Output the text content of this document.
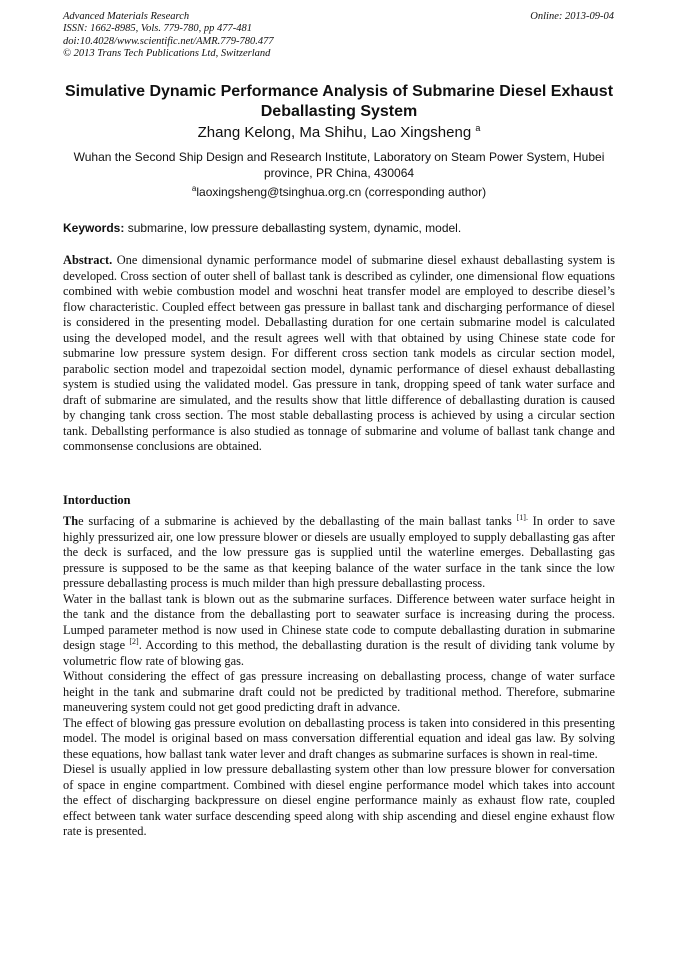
Advanced Materials Research
ISSN: 1662-8985, Vols. 779-780, pp 477-481
doi:10.4028/www.scientific.net/AMR.779-780.477
© 2013 Trans Tech Publications Ltd, Switzerland
Online: 2013-09-04
Simulative Dynamic Performance Analysis of Submarine Diesel Exhaust Deballasting System
Zhang Kelong, Ma Shihu, Lao Xingsheng $^a$
Wuhan the Second Ship Design and Research Institute, Laboratory on Steam Power System, Hubei province, PR China, 430064
$^a$laoxingsheng@tsinghua.org.cn (corresponding author)
Keywords: submarine, low pressure deballasting system, dynamic, model.
Abstract. One dimensional dynamic performance model of submarine diesel exhaust deballasting system is developed. Cross section of outer shell of ballast tank is described as cylinder, one dimensional flow equations combined with webie combustion model and woschni heat transfer model are employed to describe diesel’s flow characteristic. Coupled effect between gas pressure in ballast tank and discharging performance of diesel is considered in the presenting model. Deballasting duration for one certain submarine model is calculated using the developed model, and the result agrees well with that obtained by using Chinese state code for submarine low pressure system design. For different cross section tank models as circular section model, parabolic section model and trapezoidal section model, dynamic performance of diesel exhaust deballasting system is studied using the validated model. Gas pressure in tank, dropping speed of tank water surface and draft of submarine are simulated, and the results show that little difference of deballasting duration is caused by changing tank cross section. The most stable deballasting process is achieved by using a circular section tank. Deballsting performance is also studied as tonnage of submarine and volume of ballast tank change and commonsense conclusions are obtained.
Intorduction

The surfacing of a submarine is achieved by the deballasting of the main ballast tanks $^{[1].}$ In order to save highly pressurized air, one low pressure blower or diesels are usually employed to supply deballasting gas after the deck is surfaced, and the low pressure gas is supplied until the waterline emerges. Deballasting gas pressure is supposed to be the same as that keeping balance of the water surface in the tank since the low pressure deballasting process is much milder than high pressure deballasting process.

Water in the ballast tank is blown out as the submarine surfaces. Difference between water surface height in the tank and the distance from the deballasting port to seawater surface is increasing during the process. Lumped parameter method is now used in Chinese state code to compute deballasting duration in submarine design stage [2]. According to this method, the deballasting duration is the result of dividing tank volume by volumetric flow rate of blowing gas.

Without considering the effect of gas pressure increasing on deballasting process, change of water surface height in the tank and submarine draft could not be predicted by traditional method. Therefore, submarine maneuvering system could not get good predicting draft in advance.

The effect of blowing gas pressure evolution on deballasting process is taken into considered in this presenting model. The model is original based on mass conversation differential equation and ideal gas law. By solving these equations, how ballast tank water lever and draft changes as submarine surfaces is shown in real-time.

Diesel is usually applied in low pressure deballasting system other than low pressure blower for conversation of space in engine compartment. Combined with diesel engine performance model which takes into account the effect of discharging backpressure on diesel engine performance mainly as exhaust flow rate, coupled effect between tank water surface descending speed along with ship ascending and diesel engine exhaust flow rate is presented.
